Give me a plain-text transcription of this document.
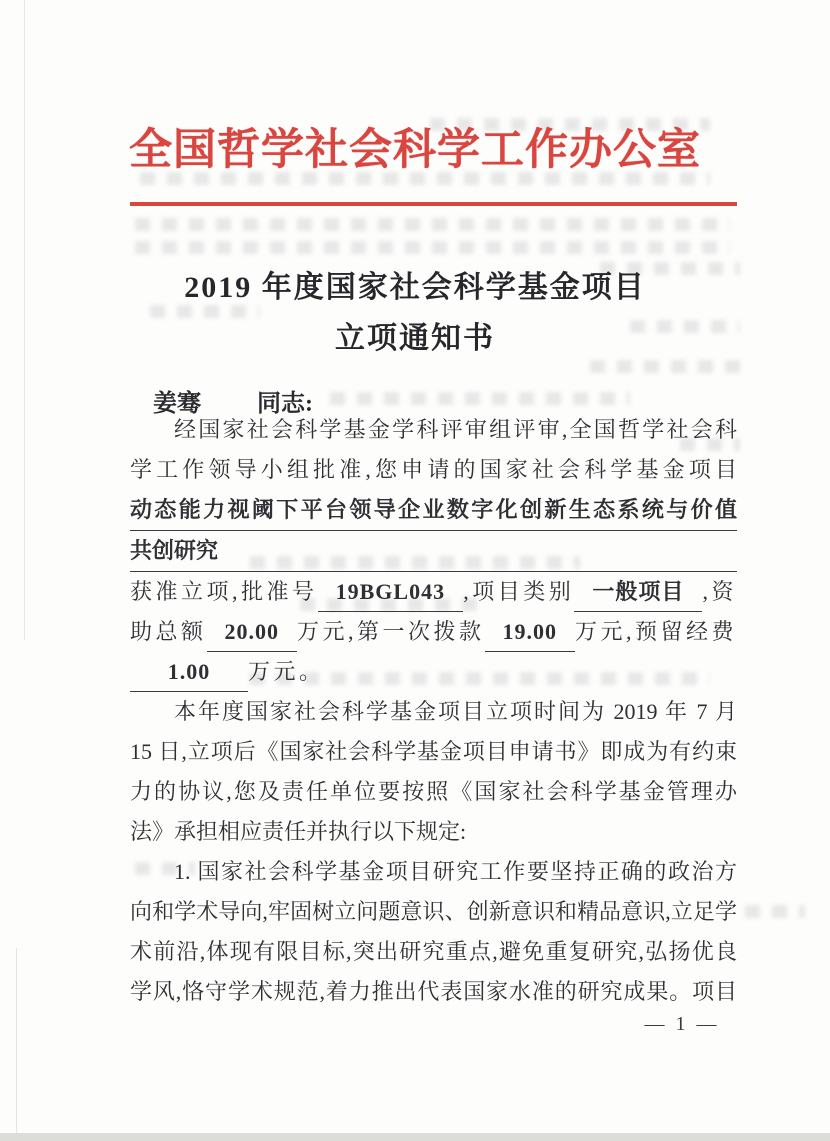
全国哲学社会科学工作办公室
2019 年度国家社会科学基金项目
立项通知书
姜骞 同志:
经国家社会科学基金学科评审组评审,全国哲学社会科
学工作领导小组批准,您申请的国家社会科学基金项目
动态能力视阈下平台领导企业数字化创新生态系统与价值
共创研究
获准立项,批准号 19BGL043 ,项目类别 一般项目 ,资
助总额 20.00 万元,第一次拨款 19.00 万元,预留经费
1.00	万元。
本年度国家社会科学基金项目立项时间为 2019 年 7 月
15 日,立项后《国家社会科学基金项目申请书》即成为有约束
力的协议,您及责任单位要按照《国家社会科学基金管理办
法》承担相应责任并执行以下规定:
1. 国家社会科学基金项目研究工作要坚持正确的政治方
向和学术导向,牢固树立问题意识、创新意识和精品意识,立足学
术前沿,体现有限目标,突出研究重点,避免重复研究,弘扬优良
学风,恪守学术规范,着力推出代表国家水准的研究成果。项目
— 1 —
